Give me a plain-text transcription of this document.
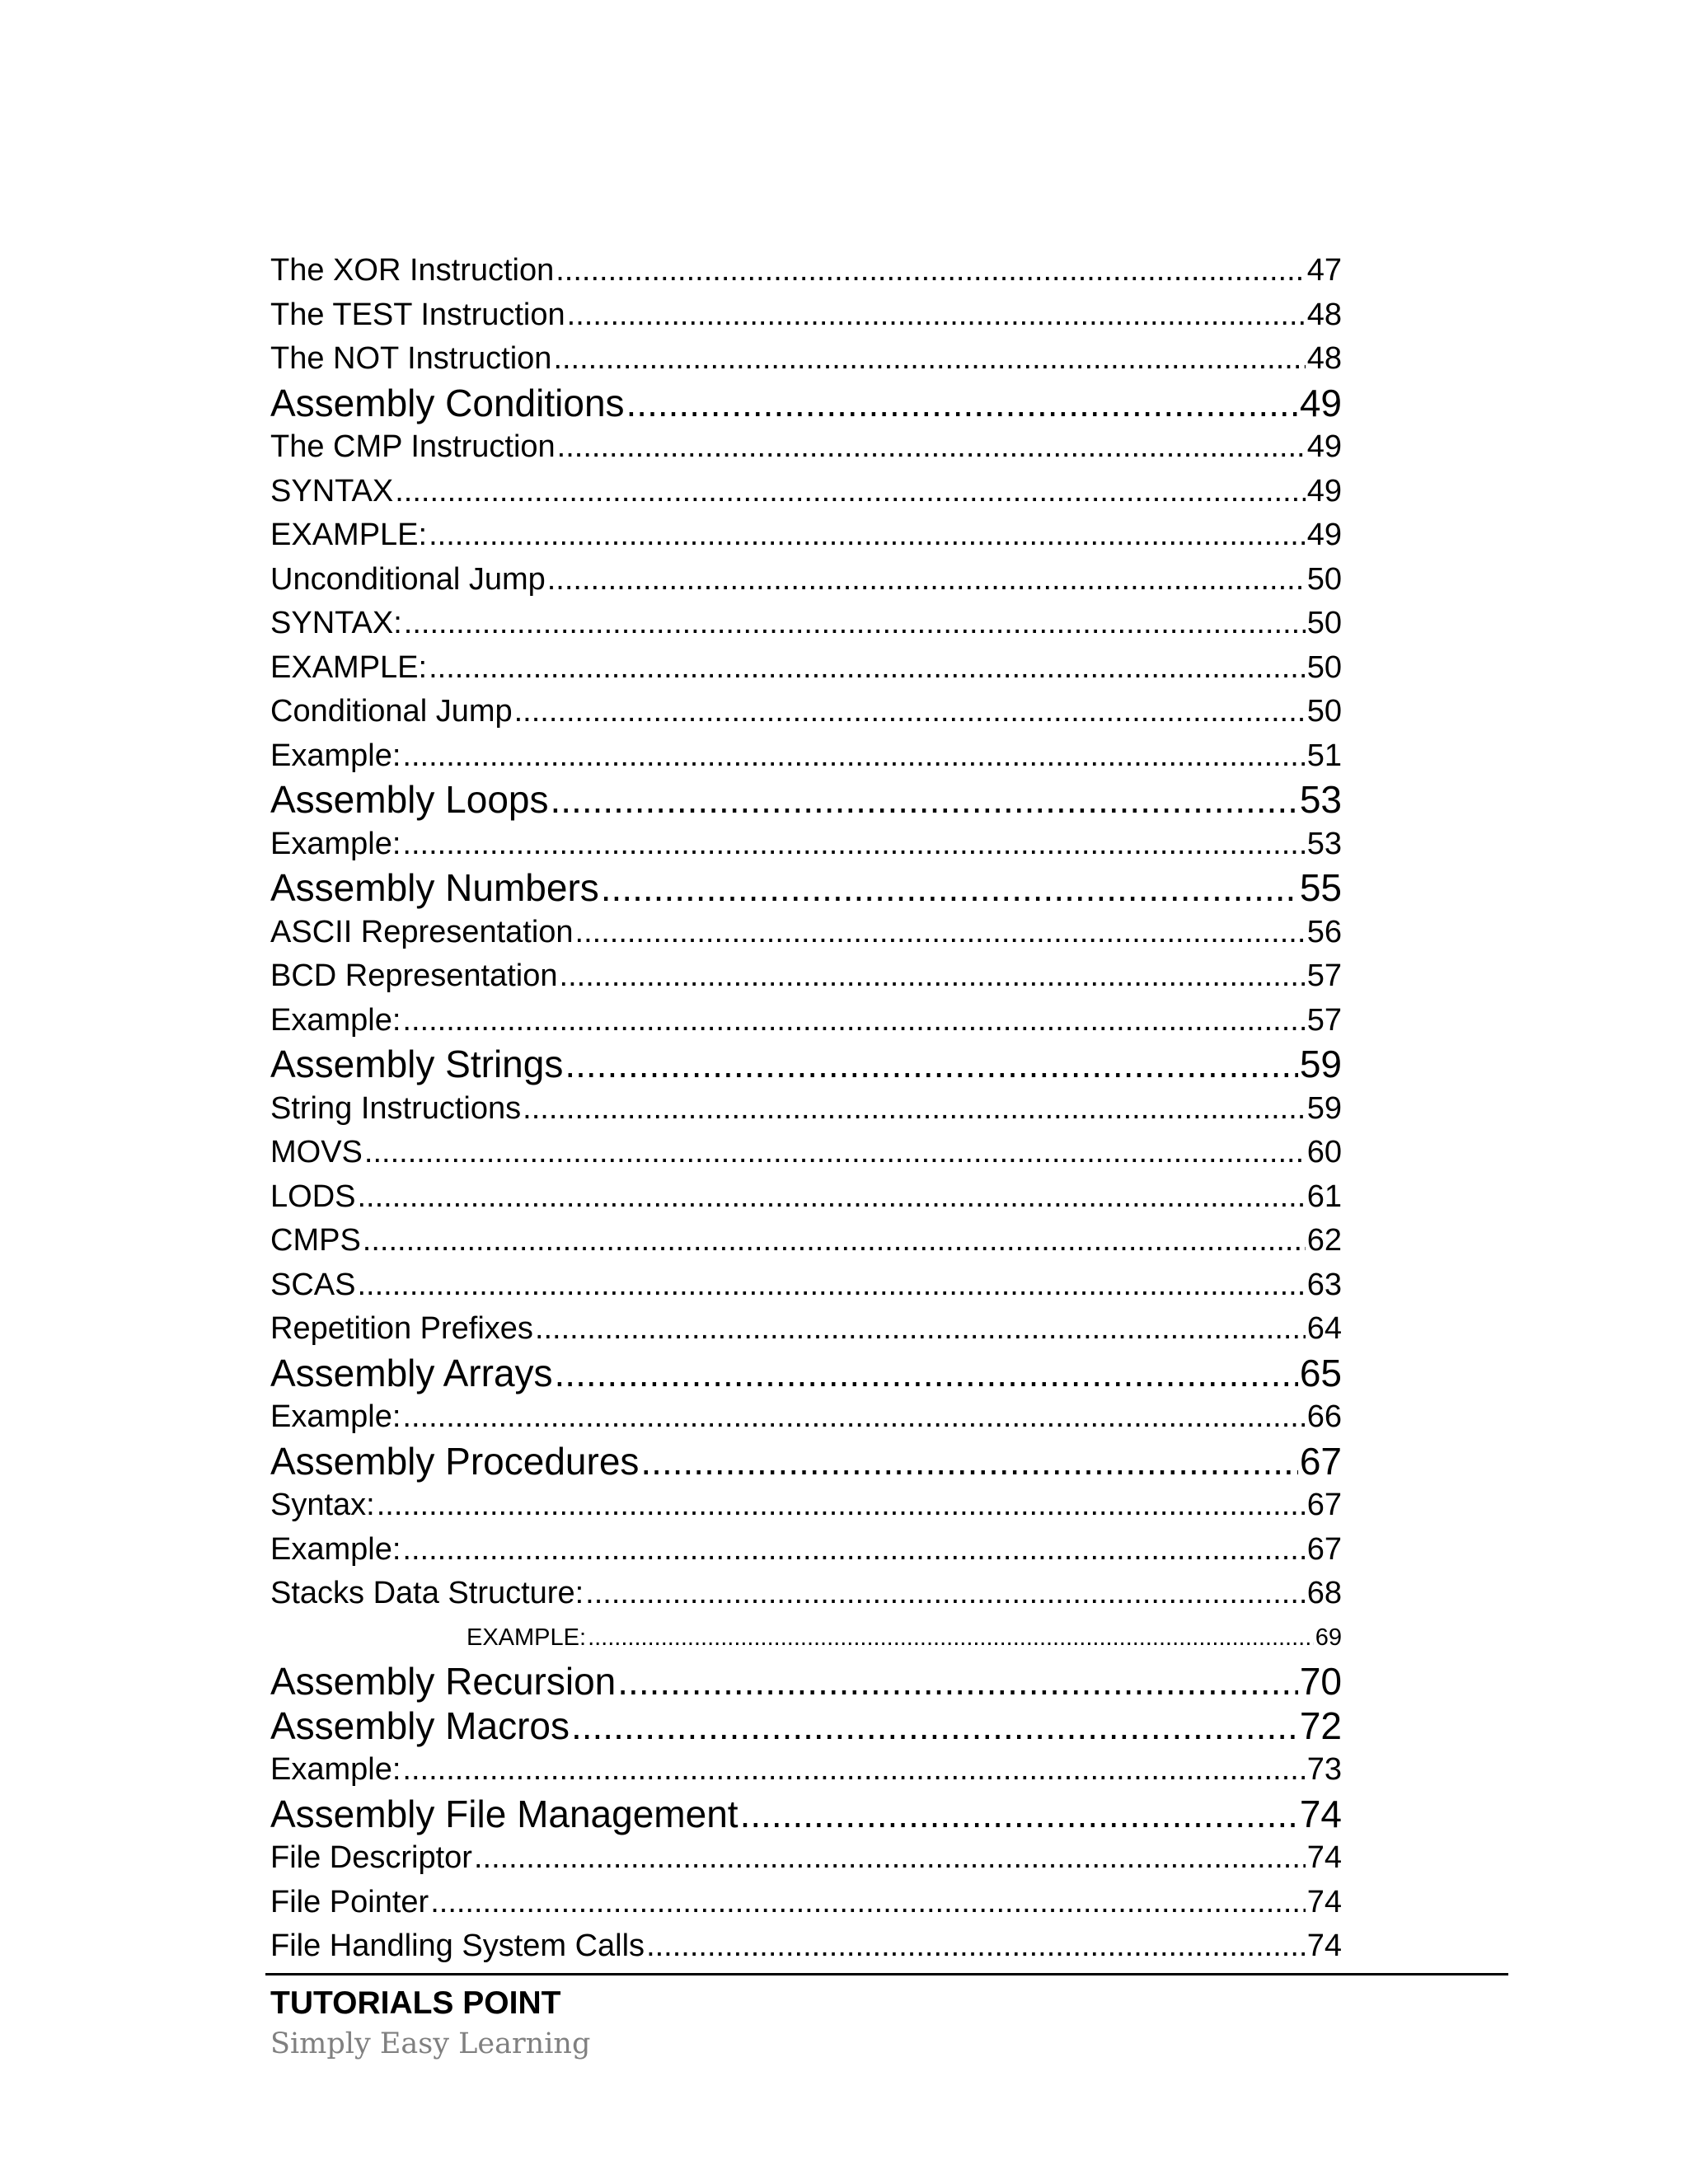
The XOR Instruction .....	47
The TEST Instruction .....	48
The NOT Instruction .....	48
Assembly Conditions .....	49
The CMP Instruction .....	49
SYNTAX .....	49
EXAMPLE: .....	49
Unconditional Jump .....	50
SYNTAX: .....	50
EXAMPLE: .....	50
Conditional Jump .....	50
Example: .....	51
Assembly Loops .....	53
Example: .....	53
Assembly Numbers .....	55
ASCII Representation .....	56
BCD Representation .....	57
Example: .....	57
Assembly Strings .....	59
String Instructions .....	59
MOVS .....	60
LODS .....	61
CMPS .....	62
SCAS .....	63
Repetition Prefixes .....	64
Assembly Arrays .....	65
Example: .....	66
Assembly Procedures .....	67
Syntax: .....	67
Example: .....	67
Stacks Data Structure: .....	68
EXAMPLE: .....	69
Assembly Recursion .....	70
Assembly Macros .....	72
Example: .....	73
Assembly File Management .....	74
File Descriptor .....	74
File Pointer .....	74
File Handling System Calls .....	74
TUTORIALS POINT
Simply Easy Learning
